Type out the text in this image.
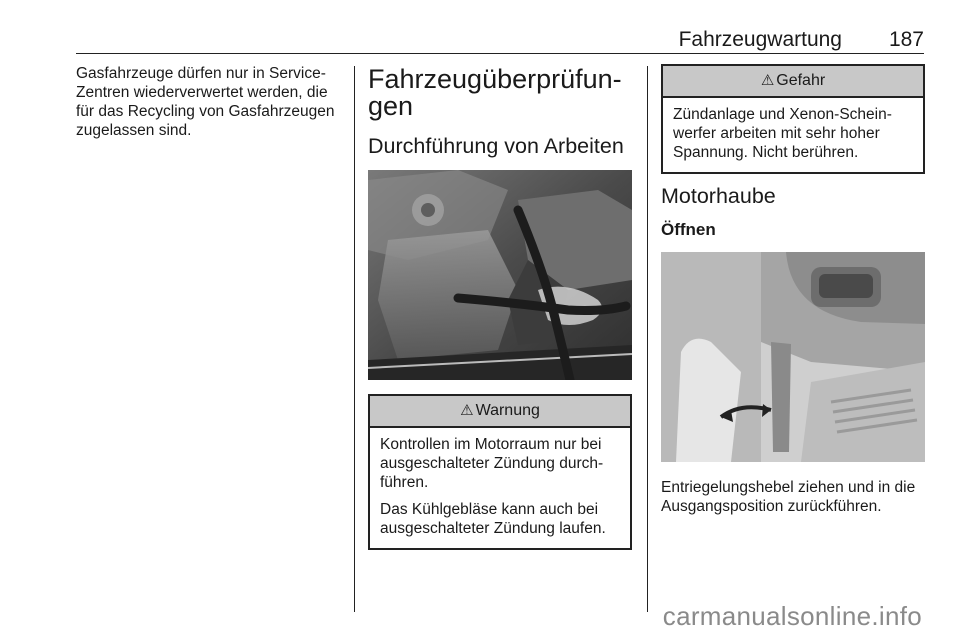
Fahrzeugwartung 187

Gasfahrzeuge dürfen nur in Service-Zentren wiederverwertet werden, die für das Recycling von Gasfahrzeugen zugelassen sind.

Fahrzeugüberprüfun-
gen
Durchführung von Arbeiten
⚠ Warnung

Kontrollen im Motorraum nur bei ausgeschalteter Zündung durch-führen.

Das Kühlgebläse kann auch bei ausgeschalteter Zündung laufen.

⚠ Gefahr

Zündanlage und Xenon-Schein-werfer arbeiten mit sehr hoher Spannung. Nicht berühren.

Motorhaube
Öffnen

Entriegelungshebel ziehen und in die Ausgangsposition zurückführen.

carmanualsonline.info
